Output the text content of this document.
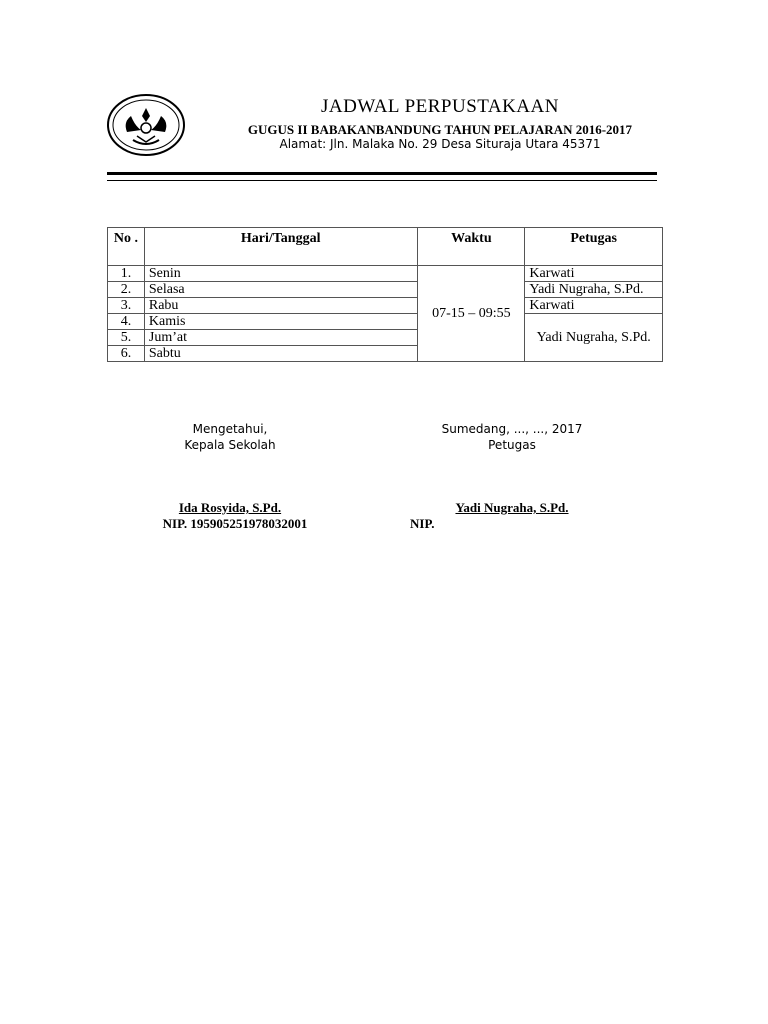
JADWAL PERPUSTAKAAN
GUGUS II BABAKANBANDUNG TAHUN PELAJARAN 2016-2017
Alamat: Jln. Malaka No. 29 Desa Situraja Utara 45371
No .	Hari/Tanggal	Waktu	Petugas
1.	Senin	07-15 – 09:55	Karwati
2.	Selasa		Yadi Nugraha, S.Pd.
3.	Rabu		Karwati
4.	Kamis		Yadi Nugraha, S.Pd.
5.	Jum’at		
6.	Sabtu		
Mengetahui,
Kepala Sekolah
Ida Rosyida, S.Pd.
NIP. 195905251978032001
Sumedang, ..., ..., 2017
Petugas
Yadi Nugraha, S.Pd.
NIP.
